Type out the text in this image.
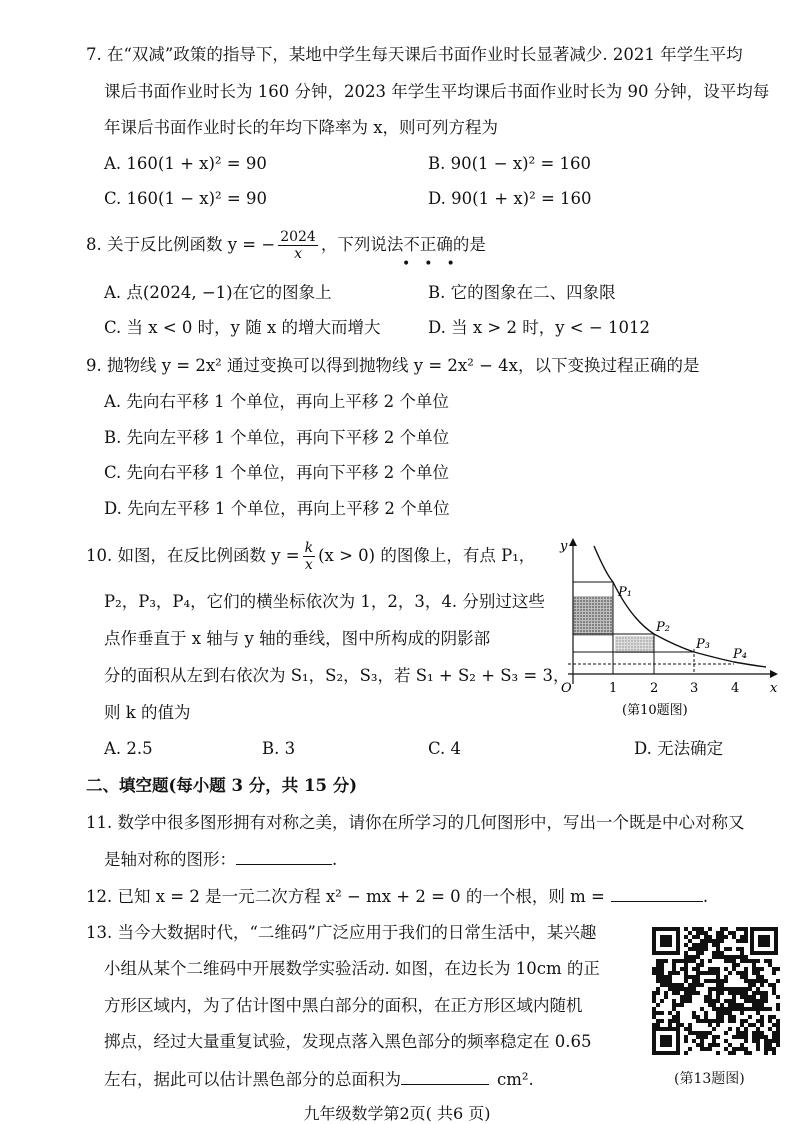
7. 在“双减”政策的指导下，某地中学生每天课后书面作业时长显著减少. 2021 年学生平均
课后书面作业时长为 160 分钟，2023 年学生平均课后书面作业时长为 90 分钟，设平均每
年课后书面作业时长的年均下降率为 x，则可列方程为
A. 160(1 + x)² = 90	B. 90(1 − x)² = 160
C. 160(1 − x)² = 90	D. 90(1 + x)² = 160
8. 关于反比例函数 y = − $\frac{2024}{x}$ ，下列说法不正确的是
•••
A. 点(2024, −1)在它的图象上	B. 它的图象在二、四象限
C. 当 x < 0 时，y 随 x 的增大而增大	D. 当 x > 2 时，y < − 1012
9. 抛物线 y = 2x² 通过变换可以得到抛物线 y = 2x² − 4x，以下变换过程正确的是
A. 先向右平移 1 个单位，再向上平移 2 个单位
B. 先向左平移 1 个单位，再向下平移 2 个单位
C. 先向右平移 1 个单位，再向下平移 2 个单位
D. 先向左平移 1 个单位，再向上平移 2 个单位
10. 如图，在反比例函数 $y = \frac{k}{x} (x > 0)$ 的图像上，有点 P₁，
P₂，P₃，P₄，它们的横坐标依次为 1，2，3，4. 分别过这些
点作垂直于 x 轴与 y 轴的垂线，图中所构成的阴影部
分的面积从左到右依次为 S₁，S₂，S₃，若 S₁ + S₂ + S₃ = 3，
则 k 的值为
A. 2.5	B. 3	C. 4	D. 无法确定
y
x
O	1	2 3	4
P₁
P₂
P₃
P₄
(第10题图)
二、填空题(每小题 3 分，共 15 分)
11. 数学中很多图形拥有对称之美，请你在所学习的几何图形中，写出一个既是中心对称又
是轴对称的图形：	.
12. 已知 x = 2 是一元二次方程 x² − mx + 2 = 0 的一个根，则 m =	.
13. 当今大数据时代，“二维码”广泛应用于我们的日常生活中，某兴趣
小组从某个二维码中开展数学实验活动. 如图，在边长为 10cm 的正
方形区域内，为了估计图中黑白部分的面积，在正方形区域内随机
掷点，经过大量重复试验，发现点落入黑色部分的频率稳定在 0.65
左右，据此可以估计黑色部分的总面积为	cm².	(第13题图)
九年级数学第2页( 共6 页)
